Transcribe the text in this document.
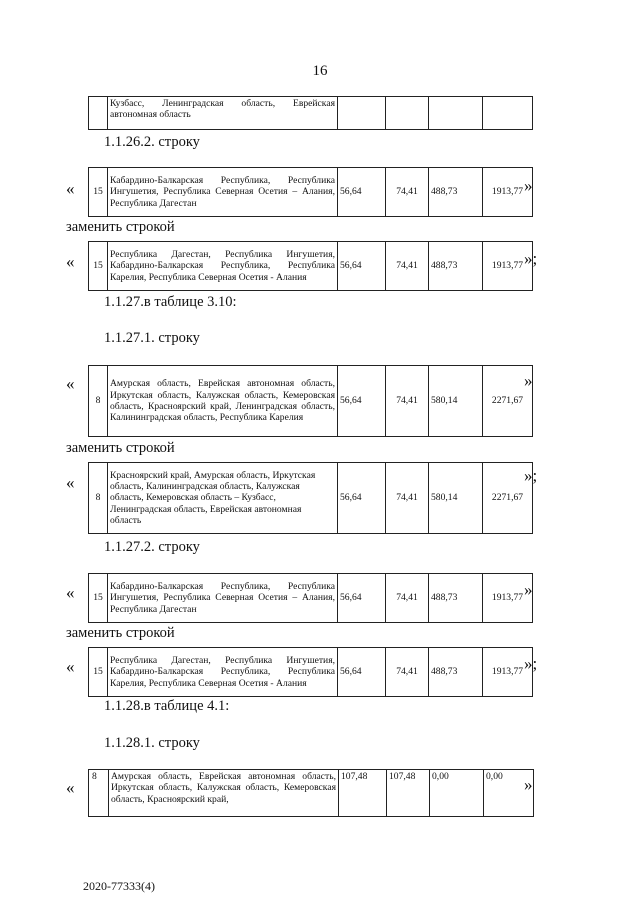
16
	Кузбасс, Ленинградская область, Еврейская автономная область				
1.1.26.2. строку
« 15	Кабардино-Балкарская Республика, Республика Ингушетия, Республика Северная Осетия – Алания, Республика Дагестан	56,64	74,41	488,73	1913,77 »
заменить строкой
« 15	Республика Дагестан, Республика Ингушетия, Кабардино-Балкарская Республика, Республика Карелия, Республика Северная Осетия - Алания	56,64	74,41	488,73	1913,77 »;
1.1.27.в таблице 3.10:
1.1.27.1. строку
«
8	Амурская область, Еврейская автономная область, Иркутская область, Калужская область, Кемеровская область, Красноярский край, Ленинградская область, Калининградская область, Республика Карелия	56,64	74,41	580,14	2271,67
»
заменить строкой
«
8	Красноярский край, Амурская область, Иркутская область, Калининградская область, Калужская область, Кемеровская область – Кузбасс, Ленинградская область, Еврейская автономная область	56,64	74,41	580,14	2271,67
»;
1.1.27.2. строку
« 15	Кабардино-Балкарская Республика, Республика Ингушетия, Республика Северная Осетия – Алания, Республика Дагестан	56,64	74,41	488,73	1913,77 »
заменить строкой
« 15	Республика Дагестан, Республика Ингушетия, Кабардино-Балкарская Республика, Республика Карелия, Республика Северная Осетия - Алания	56,64	74,41	488,73	1913,77 »;
1.1.28.в таблице 4.1:
1.1.28.1. строку
«
8	Амурская область, Еврейская автономная область, Иркутская область, Калужская область, Кемеровская область, Красноярский край,	107,48	107,48	0,00	0,00 »
2020-77333(4)
